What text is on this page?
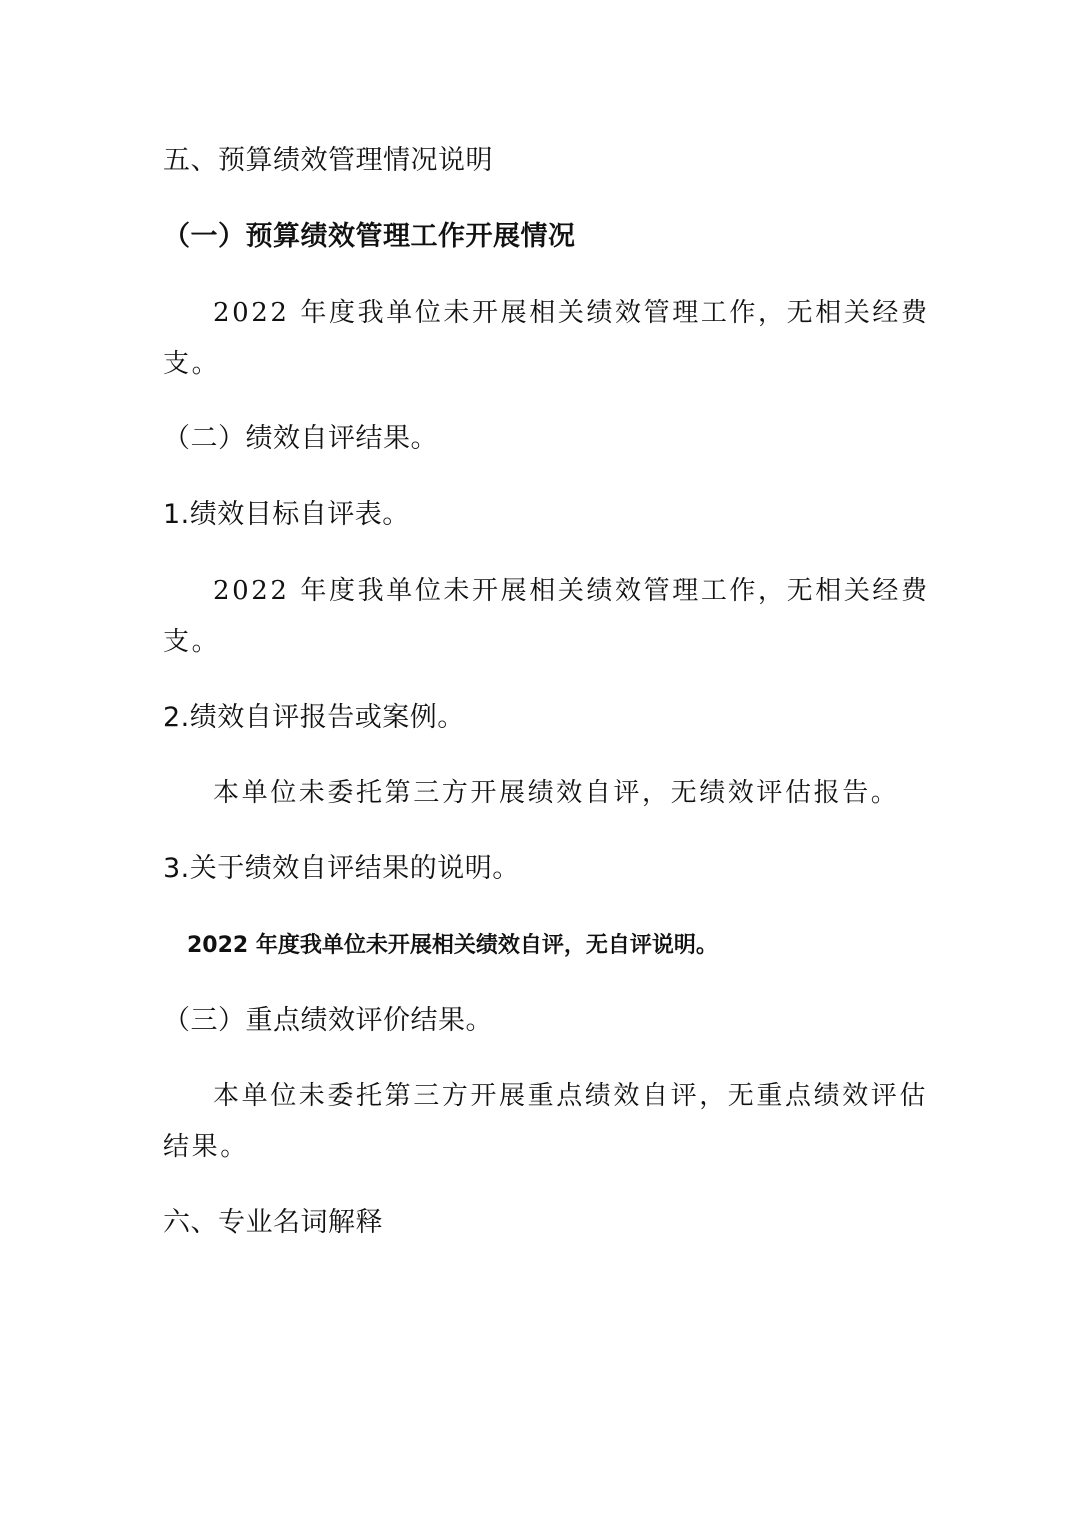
五、预算绩效管理情况说明

（一）预算绩效管理工作开展情况

2022 年度我单位未开展相关绩效管理工作，无相关经费

支。

（二）绩效自评结果。

1.绩效目标自评表。

2022 年度我单位未开展相关绩效管理工作，无相关经费

支。

2.绩效自评报告或案例。

本单位未委托第三方开展绩效自评，无绩效评估报告。

3.关于绩效自评结果的说明。

2022 年度我单位未开展相关绩效自评，无自评说明。

（三）重点绩效评价结果。

本单位未委托第三方开展重点绩效自评，无重点绩效评估

结果。

六、专业名词解释
